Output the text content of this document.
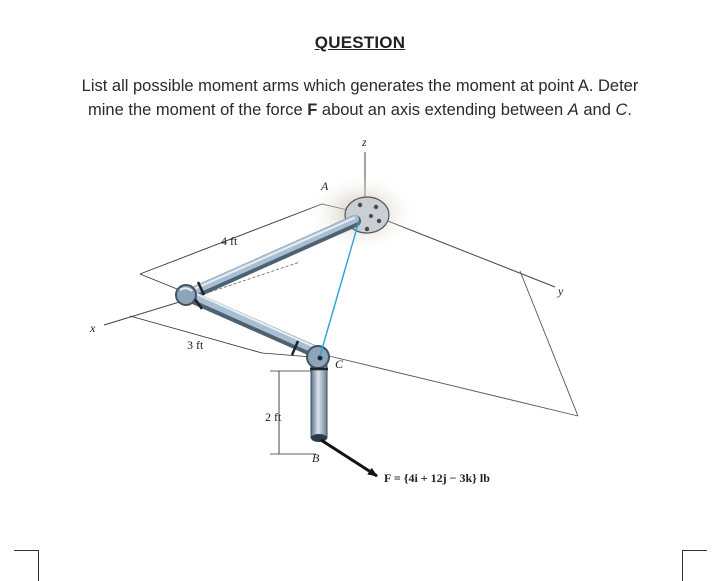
QUESTION
List all possible moment arms which generates the moment at point A. Deter
mine the moment of the force F about an axis extending between A and C.
z
y
x
A
C
B
4 ft
3 ft
2 ft
F = {4i + 12j − 3k} lb
